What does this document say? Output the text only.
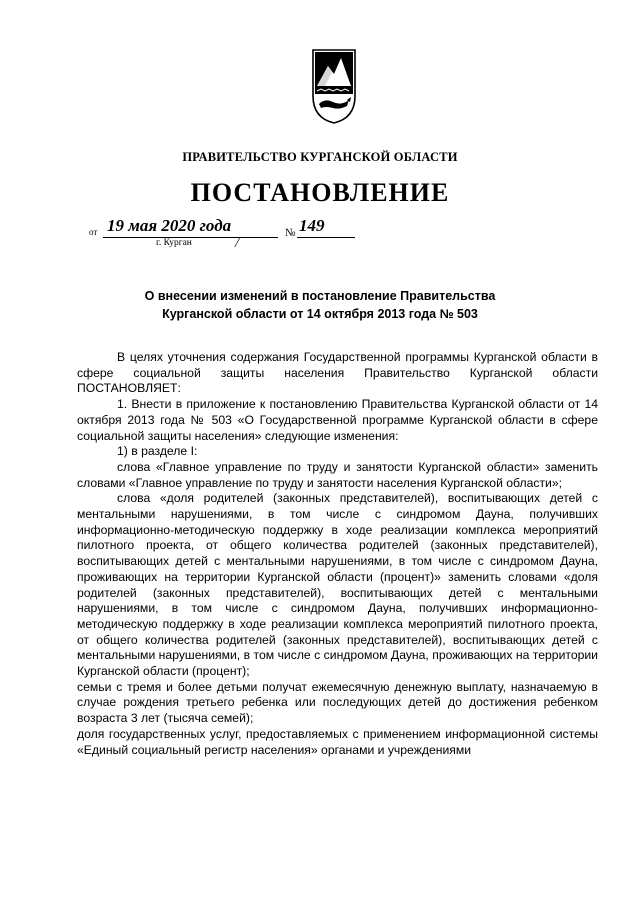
ПРАВИТЕЛЬСТВО КУРГАНСКОЙ ОБЛАСТИ
ПОСТАНОВЛЕНИЕ
от 19 мая 2020 года	№ 149
г. Курган	/
О внесении изменений в постановление Правительства
Курганской области от 14 октября 2013 года № 503

В целях уточнения содержания Государственной программы Курганской области в сфере социальной защиты населения Правительство Курганской области ПОСТАНОВЛЯЕТ:

1. Внести в приложение к постановлению Правительства Курганской области от 14 октября 2013 года № 503 «О Государственной программе Курганской области в сфере социальной защиты населения» следующие изменения:

1) в разделе I:

слова «Главное управление по труду и занятости Курганской области» заменить словами «Главное управление по труду и занятости населения Курганской области»;

слова «доля родителей (законных представителей), воспитывающих детей с ментальными нарушениями, в том числе с синдромом Дауна, получивших информационно-методическую поддержку в ходе реализации комплекса мероприятий пилотного проекта, от общего количества родителей (законных представителей), воспитывающих детей с ментальными нарушениями, в том числе с синдромом Дауна, проживающих на территории Курганской области (процент)» заменить словами «доля родителей (законных представителей), воспитывающих детей с ментальными нарушениями, в том числе с синдромом Дауна, получивших информационно-методическую поддержку в ходе реализации комплекса мероприятий пилотного проекта, от общего количества родителей (законных представителей), воспитывающих детей с ментальными нарушениями, в том числе с синдромом Дауна, проживающих на территории Курганской области (процент);

семьи с тремя и более детьми получат ежемесячную денежную выплату, назначаемую в случае рождения третьего ребенка или последующих детей до достижения ребенком возраста 3 лет (тысяча семей);

доля государственных услуг, предоставляемых с применением информационной системы «Единый социальный регистр населения» органами и учреждениями
